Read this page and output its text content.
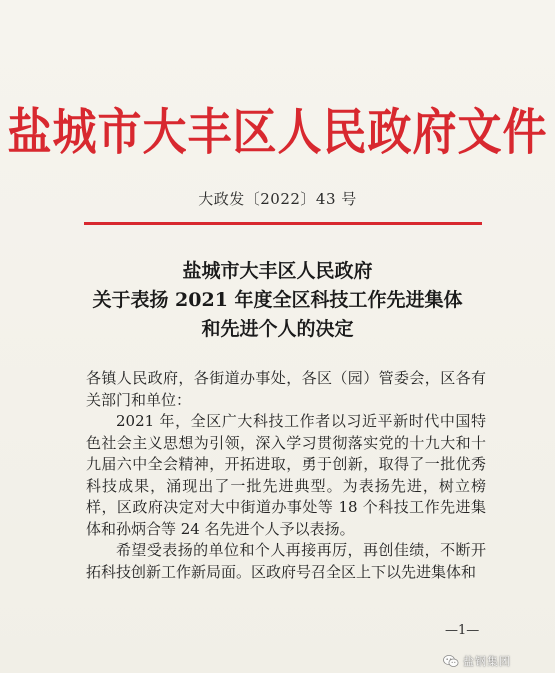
盐城市大丰区人民政府文件
大政发〔2022〕43 号
盐城市大丰区人民政府
关于表扬 2021 年度全区科技工作先进集体
和先进个人的决定

各镇人民政府，各街道办事处，各区（园）管委会，区各有关部门和单位：

2021 年，全区广大科技工作者以习近平新时代中国特色社会主义思想为引领，深入学习贯彻落实党的十九大和十九届六中全会精神，开拓进取，勇于创新，取得了一批优秀科技成果，涌现出了一批先进典型。为表扬先进，树立榜样，区政府决定对大中街道办事处等 18 个科技工作先进集体和孙炳合等 24 名先进个人予以表扬。

希望受表扬的单位和个人再接再厉，再创佳绩，不断开拓科技创新工作新局面。区政府号召全区上下以先进集体和

—1—
盐钢集团
